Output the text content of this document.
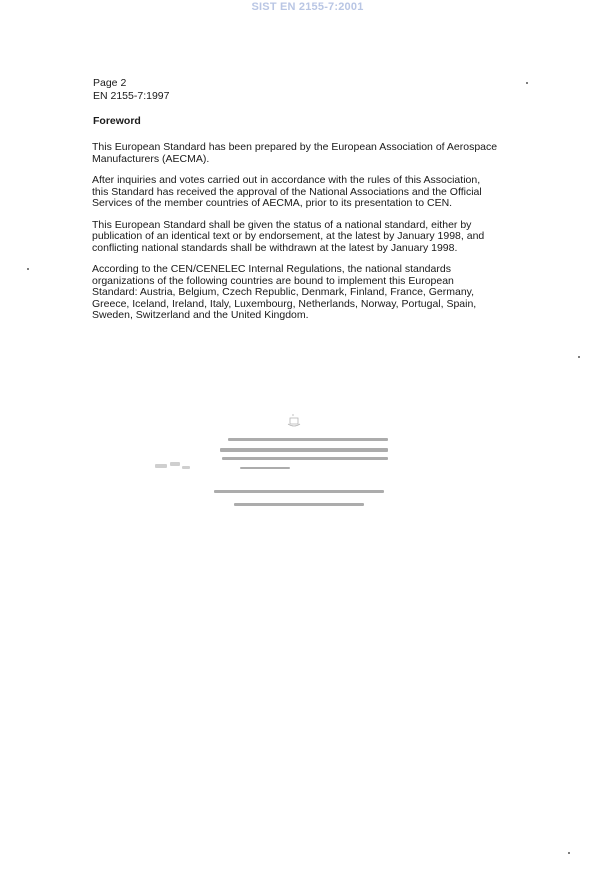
SIST EN 2155-7:2001
Page 2
EN 2155-7:1997
Foreword

This European Standard has been prepared by the European Association of Aerospace
Manufacturers (AECMA).

After inquiries and votes carried out in accordance with the rules of this Association,
this Standard has received the approval of the National Associations and the Official
Services of the member countries of AECMA, prior to its presentation to CEN.

This European Standard shall be given the status of a national standard, either by
publication of an identical text or by endorsement, at the latest by January 1998, and
conflicting national standards shall be withdrawn at the latest by January 1998.

According to the CEN/CENELEC Internal Regulations, the national standards
organizations of the following countries are bound to implement this European
Standard: Austria, Belgium, Czech Republic, Denmark, Finland, France, Germany,
Greece, Iceland, Ireland, Italy, Luxembourg, Netherlands, Norway, Portugal, Spain,
Sweden, Switzerland and the United Kingdom.
